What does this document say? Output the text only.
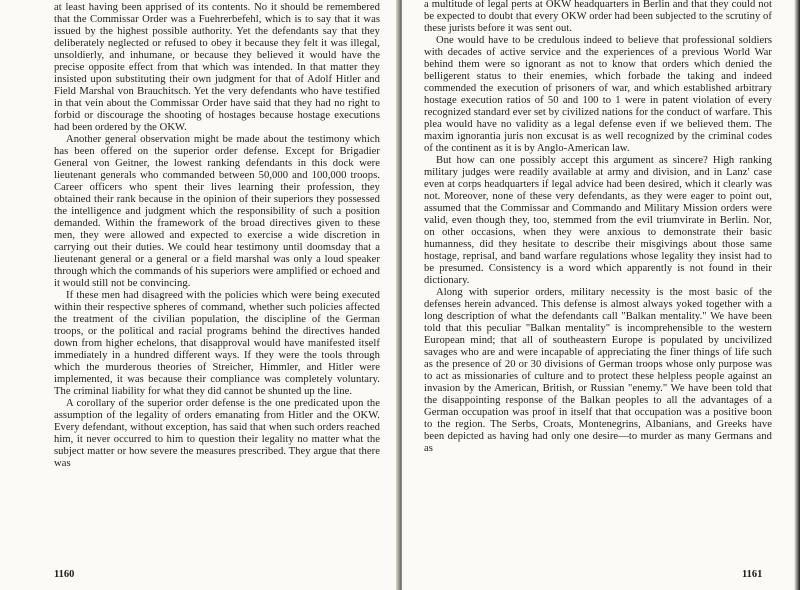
at least having been apprised of its contents. No it should be remembered that the Commissar Order was a Fuehrerbefehl, which is to say that it was issued by the highest possible authority. Yet the defendants say that they deliberately neglected or refused to obey it because they felt it was illegal, unsoldierly, and inhumane, or because they believed it would have the precise opposite effect from that which was intended. In that matter they insisted upon substituting their own judgment for that of Adolf Hitler and Field Marshal von Brauchitsch. Yet the very defendants who have testified in that vein about the Commissar Order have said that they had no right to forbid or discourage the shooting of hostages because hostage executions had been ordered by the OKW.

Another general observation might be made about the testimony which has been offered on the superior order defense. Except for Brigadier General von Geitner, the lowest ranking defendants in this dock were lieutenant generals who commanded between 50,000 and 100,000 troops. Career officers who spent their lives learning their profession, they obtained their rank because in the opinion of their superiors they possessed the intelligence and judgment which the responsibility of such a position demanded. Within the framework of the broad directives given to these men, they were allowed and expected to exercise a wide discretion in carrying out their duties. We could hear testimony until doomsday that a lieutenant general or a general or a field marshal was only a loud speaker through which the commands of his superiors were amplified or echoed and it would still not be convincing.

If these men had disagreed with the policies which were being executed within their respective spheres of command, whether such policies affected the treatment of the civilian population, the discipline of the German troops, or the political and racial programs behind the directives handed down from higher echelons, that disapproval would have manifested itself immediately in a hundred different ways. If they were the tools through which the murderous theories of Streicher, Himmler, and Hitler were implemented, it was because their compliance was completely voluntary. The criminal liability for what they did cannot be shunted up the line.

A corollary of the superior order defense is the one predicated upon the assumption of the legality of orders emanating from Hitler and the OKW. Every defendant, without exception, has said that when such orders reached him, it never occurred to him to question their legality no matter what the subject matter or how severe the measures prescribed. They argue that there was

1160

a multitude of legal perts at OKW headquarters in Berlin and that they could not be expected to doubt that every OKW order had been subjected to the scrutiny of these jurists before it was sent out.

One would have to be credulous indeed to believe that professional soldiers with decades of active service and the experiences of a previous World War behind them were so ignorant as not to know that orders which denied the belligerent status to their enemies, which forbade the taking and indeed commended the execution of prisoners of war, and which established arbitrary hostage execution ratios of 50 and 100 to 1 were in patent violation of every recognized standard ever set by civilized nations for the conduct of warfare. This plea would have no validity as a legal defense even if we believed them. The maxim ignorantia juris non excusat is as well recognized by the criminal codes of the continent as it is by Anglo-American law.

But how can one possibly accept this argument as sincere? High ranking military judges were readily available at army and division, and in Lanz' case even at corps headquarters if legal advice had been desired, which it clearly was not. Moreover, none of these very defendants, as they were eager to point out, assumed that the Commissar and Commando and Military Mission orders were valid, even though they, too, stemmed from the evil triumvirate in Berlin. Nor, on other occasions, when they were anxious to demonstrate their basic humanness, did they hesitate to describe their misgivings about those same hostage, reprisal, and band warfare regulations whose legality they insist had to be presumed. Consistency is a word which apparently is not found in their dictionary.

Along with superior orders, military necessity is the most basic of the defenses herein advanced. This defense is almost always yoked together with a long description of what the defendants call "Balkan mentality." We have been told that this peculiar "Balkan mentality" is incomprehensible to the western European mind; that all of southeastern Europe is populated by uncivilized savages who are and were incapable of appreciating the finer things of life such as the presence of 20 or 30 divisions of German troops whose only purpose was to act as missionaries of culture and to protect these helpless people against an invasion by the American, British, or Russian "enemy." We have been told that the disappointing response of the Balkan peoples to all the advantages of a German occupation was proof in itself that that occupation was a positive boon to the region. The Serbs, Croats, Montenegrins, Albanians, and Greeks have been depicted as having had only one desire—to murder as many Germans and as

1161
